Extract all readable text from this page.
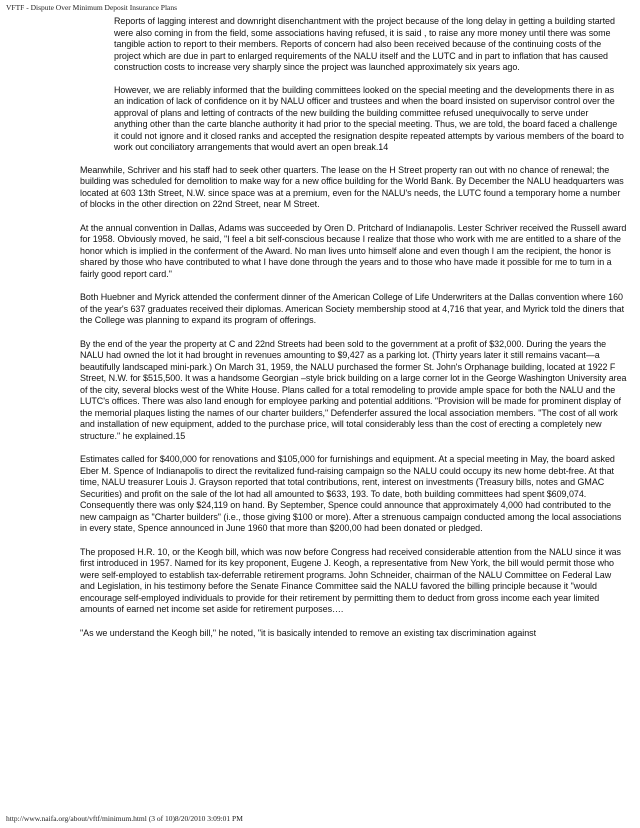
VFTF - Dispute Over Minimum Deposit Insurance Plans

Reports of lagging interest and downright disenchantment with the project because of the long delay in getting a building started were also coming in from the field, some associations having refused, it is said , to raise any more money until there was some tangible action to report to their members. Reports of concern had also been received because of the continuing costs of the project which are due in part to enlarged requirements of the NALU itself and the LUTC and in part to inflation that has caused construction costs to increase very sharply since the project was launched approximately six years ago.

However, we are reliably informed that the building committees looked on the special meeting and the developments there in as an indication of lack of confidence on it by NALU officer and trustees and when the board insisted on supervisor control over the approval of plans and letting of contracts of the new building the building committee refused unequivocally to serve under anything other than the carte blanche authority it had prior to the special meeting. Thus, we are told, the board faced a challenge it could not ignore and it closed ranks and accepted the resignation despite repeated attempts by various members of the board to work out conciliatory arrangements that would avert an open break.14

Meanwhile, Schriver and his staff had to seek other quarters. The lease on the H Street property ran out with no chance of renewal; the building was scheduled for demolition to make way for a new office building for the World Bank. By December the NALU headquarters was located at 603 13th Street, N.W. since space was at a premium, even for the NALU's needs, the LUTC found a temporary home a number of blocks in the other direction on 22nd Street, near M Street.

At the annual convention in Dallas, Adams was succeeded by Oren D. Pritchard of Indianapolis. Lester Schriver received the Russell award for 1958. Obviously moved, he said, "I feel a bit self-conscious because I realize that those who work with me are entitled to a share of the honor which is implied in the conferment of the Award. No man lives unto himself alone and even though I am the recipient, the honor is shared by those who have contributed to what I have done through the years and to those who have made it possible for me to turn in a fairly good report card."

Both Huebner and Myrick attended the conferment dinner of the American College of Life Underwriters at the Dallas convention where 160 of the year's 637 graduates received their diplomas. American Society membership stood at 4,716 that year, and Myrick told the diners that the College was planning to expand its program of offerings.

By the end of the year the property at C and 22nd Streets had been sold to the government at a profit of $32,000. During the years the NALU had owned the lot it had brought in revenues amounting to $9,427 as a parking lot. (Thirty years later it still remains vacant—a beautifully landscaped mini-park.) On March 31, 1959, the NALU purchased the former St. John's Orphanage building, located at 1922 F Street, N.W. for $515,500. It was a handsome Georgian –style brick building on a large corner lot in the George Washington University area of the city, several blocks west of the White House. Plans called for a total remodeling to provide ample space for both the NALU and the LUTC's offices. There was also land enough for employee parking and potential additions. "Provision will be made for prominent display of the memorial plaques listing the names of our charter builders," Defenderfer assured the local association members. "The cost of all work and installation of new equipment, added to the purchase price, will total considerably less than the cost of erecting a completely new structure." he explained.15

Estimates called for $400,000 for renovations and $105,000 for furnishings and equipment. At a special meeting in May, the board asked Eber M. Spence of Indianapolis to direct the revitalized fund-raising campaign so the NALU could occupy its new home debt-free. At that time, NALU treasurer Louis J. Grayson reported that total contributions, rent, interest on investments (Treasury bills, notes and GMAC Securities) and profit on the sale of the lot had all amounted to $633, 193. To date, both building committees had spent $609,074. Consequently there was only $24,119 on hand. By September, Spence could announce that approximately 4,000 had contributed to the new campaign as "Charter builders" (i.e., those giving $100 or more). After a strenuous campaign conducted among the local associations in every state, Spence announced in June 1960 that more than $200,00 had been donated or pledged.

The proposed H.R. 10, or the Keogh bill, which was now before Congress had received considerable attention from the NALU since it was first introduced in 1957. Named for its key proponent, Eugene J. Keogh, a representative from New York, the bill would permit those who were self-employed to establish tax-deferrable retirement programs. John Schneider, chairman of the NALU Committee on Federal Law and Legislation, in his testimony before the Senate Finance Committee said the NALU favored the billing principle because it "would encourage self-employed individuals to provide for their retirement by permitting them to deduct from gross income each year limited amounts of earned net income set aside for retirement purposes….

"As we understand the Keogh bill," he noted, "it is basically intended to remove an existing tax discrimination against

http://www.naifa.org/about/vftf/minimum.html (3 of 10)8/20/2010 3:09:01 PM
